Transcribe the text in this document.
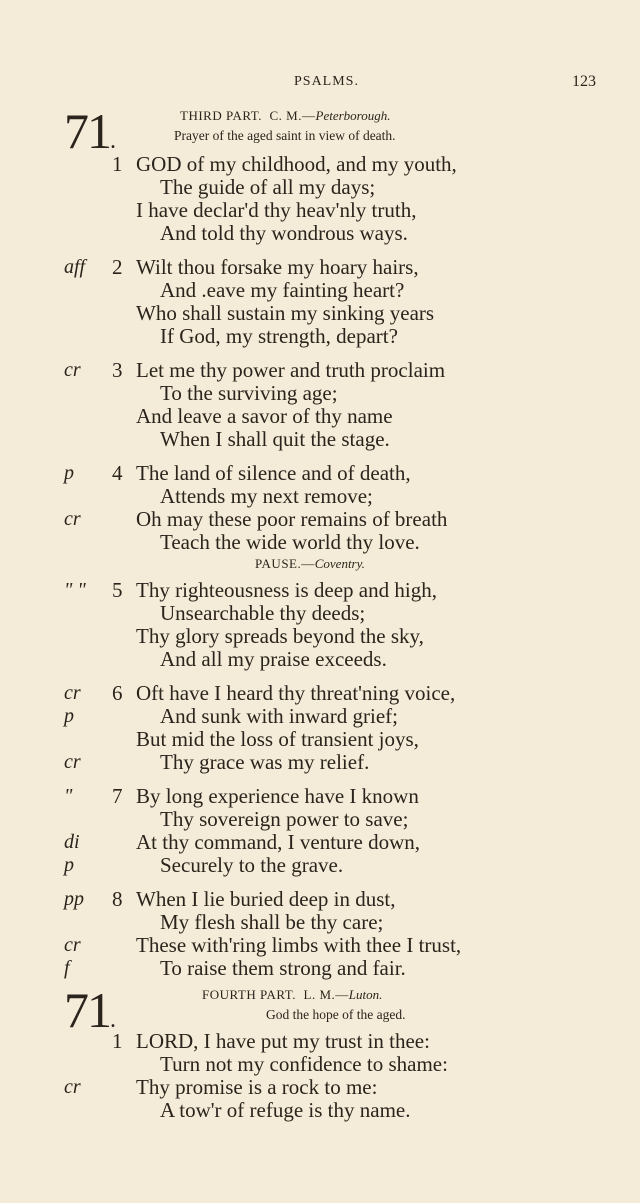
PSALMS.	123
71.
THIRD PART. C. M.—Peterborough.
Prayer of the aged saint in view of death.
1 GOD of my childhood, and my youth,
The guide of all my days;
I have declar'd thy heav'nly truth,
And told thy wondrous ways.
aff 2 Wilt thou forsake my hoary hairs,
And .eave my fainting heart?
Who shall sustain my sinking years
If God, my strength, depart?
cr 3 Let me thy power and truth proclaim
To the surviving age;
And leave a savor of thy name
When I shall quit the stage.
p 4 The land of silence and of death,
Attends my next remove;
cr	Oh may these poor remains of breath
Teach the wide world thy love.
PAUSE.—Coventry.
" " 5 Thy righteousness is deep and high,
Unsearchable thy deeds;
Thy glory spreads beyond the sky,
And all my praise exceeds.
cr 6 Oft have I heard thy threat'ning voice,
p	And sunk with inward grief;
But mid the loss of transient joys,
cr	Thy grace was my relief.
" 7 By long experience have I known
Thy sovereign power to save;
di	At thy command, I venture down,
p	Securely to the grave.
pp 8 When I lie buried deep in dust,
My flesh shall be thy care;
cr	These with'ring limbs with thee I trust,
f	To raise them strong and fair.
71.
FOURTH PART. L. M.—Luton.
God the hope of the aged.
1 LORD, I have put my trust in thee:
Turn not my confidence to shame:
cr	Thy promise is a rock to me:
A tow'r of refuge is thy name.
